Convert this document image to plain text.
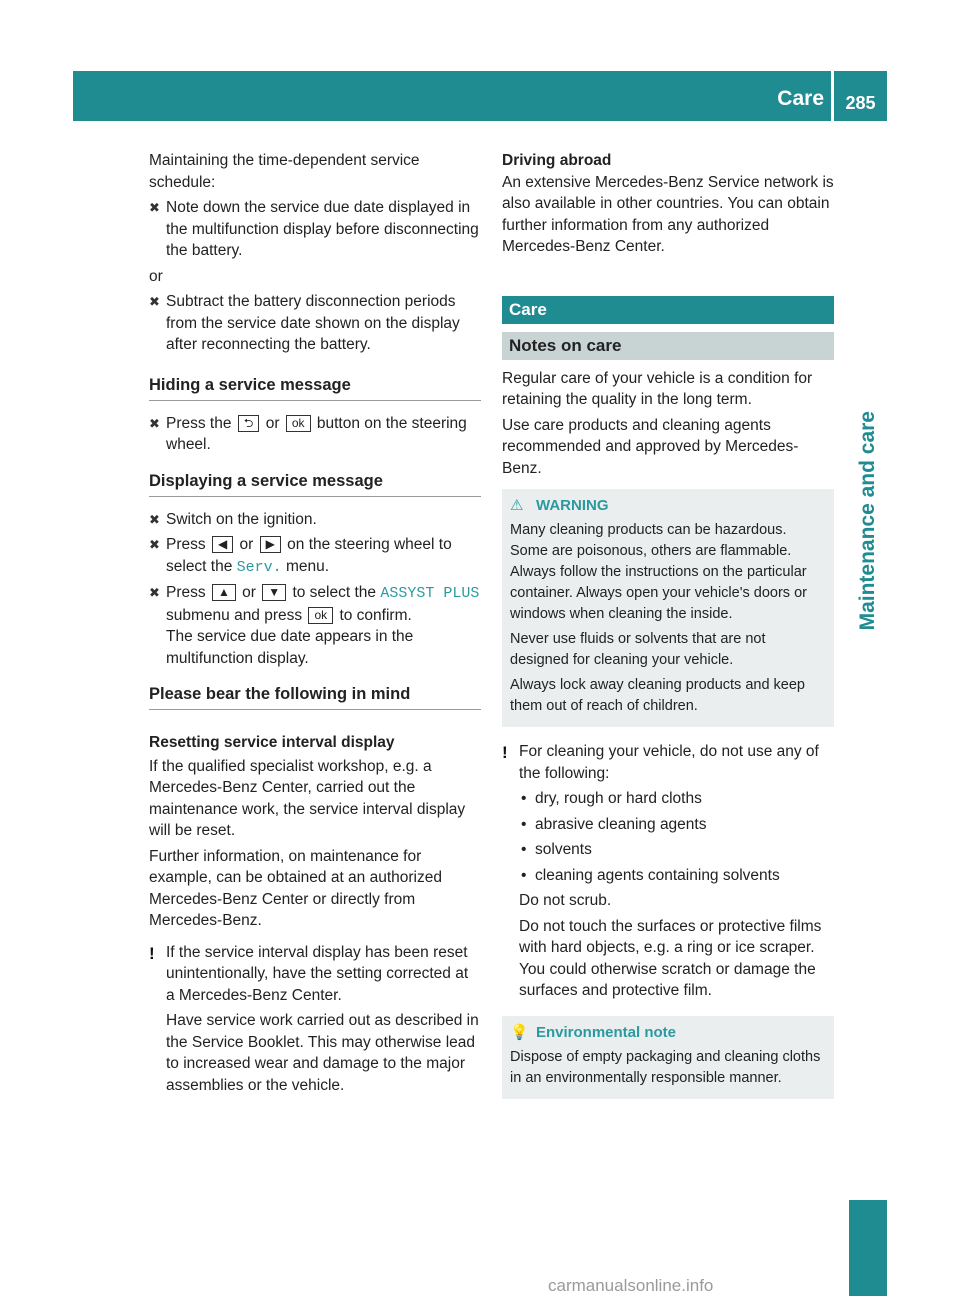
Care	285
Maintenance and care

Maintaining the time-dependent service schedule:

✖ Note down the service due date displayed in the multifunction display before disconnecting the battery.

or

✖ Subtract the battery disconnection periods from the service date shown on the display after reconnecting the battery.
Hiding a service message
✖ Press the ⮌ or ok button on the steering wheel.
Displaying a service message
✖ Switch on the ignition.
✖ Press ◀ or ▶ on the steering wheel to select the Serv. menu.
✖ Press ▲ or ▼ to select the ASSYST PLUS submenu and press ok to confirm.
The service due date appears in the multifunction display.
Please bear the following in mind
Resetting service interval display

If the qualified specialist workshop, e.g. a Mercedes-Benz Center, carried out the maintenance work, the service interval display will be reset.

Further information, on maintenance for example, can be obtained at an authorized Mercedes-Benz Center or directly from Mercedes-Benz.

! If the service interval display has been reset unintentionally, have the setting corrected at a Mercedes-Benz Center.

Have service work carried out as described in the Service Booklet. This may otherwise lead to increased wear and damage to the major assemblies or the vehicle.

Driving abroad

An extensive Mercedes-Benz Service network is also available in other countries. You can obtain further information from any authorized Mercedes-Benz Center.

Care
Notes on care

Regular care of your vehicle is a condition for retaining the quality in the long term.

Use care products and cleaning agents recommended and approved by Mercedes-Benz.

⚠ WARNING

Many cleaning products can be hazardous. Some are poisonous, others are flammable. Always follow the instructions on the particular container. Always open your vehicle's doors or windows when cleaning the inside.

Never use fluids or solvents that are not designed for cleaning your vehicle.

Always lock away cleaning products and keep them out of reach of children.

! For cleaning your vehicle, do not use any of the following:

• dry, rough or hard cloths
• abrasive cleaning agents
• solvents
• cleaning agents containing solvents

Do not scrub.

Do not touch the surfaces or protective films with hard objects, e.g. a ring or ice scraper. You could otherwise scratch or damage the surfaces and protective film.

💡 Environmental note

Dispose of empty packaging and cleaning cloths in an environmentally responsible manner.

carmanualsonline.info
